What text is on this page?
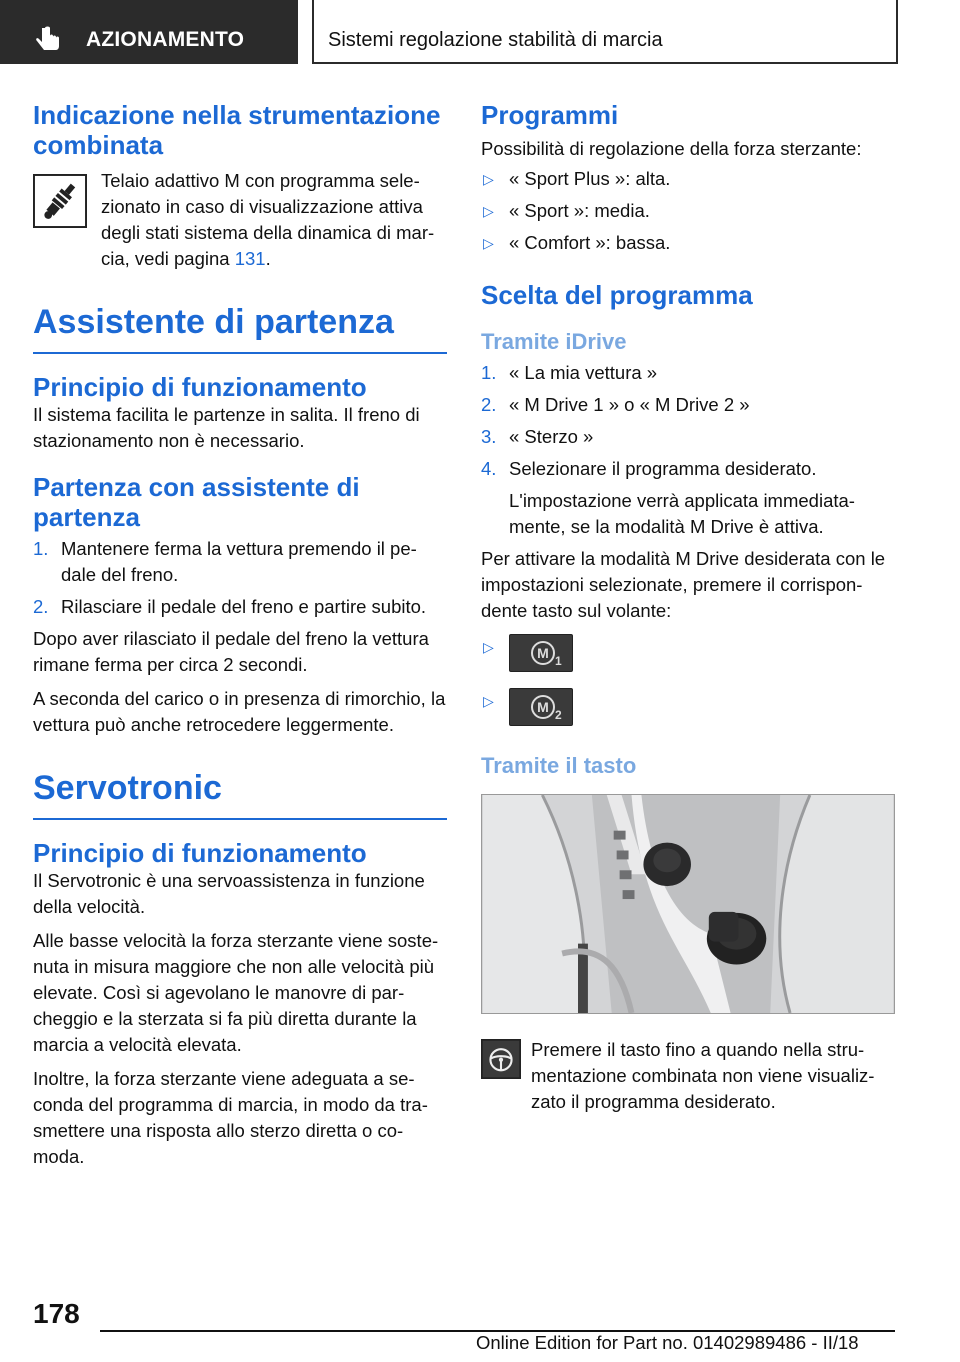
AZIONAMENTO	Sistemi regolazione stabilità di marcia
Indicazione nella strumentazione combinata
Telaio adattivo M con programma sele-zionato in caso di visualizzazione attiva degli stati sistema della dinamica di mar-cia, vedi pagina 131.
Assistente di partenza
Principio di funzionamento

Il sistema facilita le partenze in salita. Il freno di stazionamento non è necessario.

Partenza con assistente di partenza
1. Mantenere ferma la vettura premendo il pe-dale del freno.
2. Rilasciare il pedale del freno e partire subito.

Dopo aver rilasciato il pedale del freno la vettura rimane ferma per circa 2 secondi.

A seconda del carico o in presenza di rimorchio, la vettura può anche retrocedere leggermente.

Servotronic
Principio di funzionamento

Il Servotronic è una servoassistenza in funzione della velocità.

Alle basse velocità la forza sterzante viene soste-nuta in misura maggiore che non alle velocità più elevate. Così si agevolano le manovre di par-cheggio e la sterzata si fa più diretta durante la marcia a velocità elevata.

Inoltre, la forza sterzante viene adeguata a se-conda del programma di marcia, in modo da tra-smettere una risposta allo sterzo diretta o co-moda.

Programmi

Possibilità di regolazione della forza sterzante:

▷ « Sport Plus »: alta.
▷ « Sport »: media.
▷ « Comfort »: bassa.
Scelta del programma
Tramite iDrive
1. « La mia vettura »
2. « M Drive 1 » o « M Drive 2 »
3. « Sterzo »
4. Selezionare il programma desiderato.
L'impostazione verrà applicata immediata-mente, se la modalità M Drive è attiva.

Per attivare la modalità M Drive desiderata con le impostazioni selezionate, premere il corrispon-dente tasto sul volante:

▷	M 1
▷	M 2
Tramite il tasto
Premere il tasto fino a quando nella stru-mentazione combinata non viene visualiz-zato il programma desiderato.
178
Online Edition for Part no. 01402989486 - II/18
